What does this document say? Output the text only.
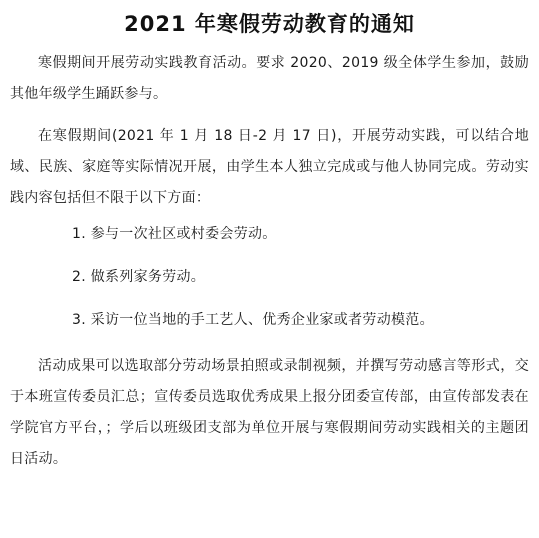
2021 年寒假劳动教育的通知

寒假期间开展劳动实践教育活动。要求 2020、2019 级全体学生参加，鼓励其他年级学生踊跃参与。

在寒假期间(2021 年 1 月 18 日-2 月 17 日)，开展劳动实践，可以结合地域、民族、家庭等实际情况开展，由学生本人独立完成或与他人协同完成。劳动实践内容包括但不限于以下方面：

1. 参与一次社区或村委会劳动。
2. 做系列家务劳动。
3. 采访一位当地的手工艺人、优秀企业家或者劳动模范。

活动成果可以选取部分劳动场景拍照或录制视频，并撰写劳动感言等形式，交于本班宣传委员汇总；宣传委员选取优秀成果上报分团委宣传部，由宣传部发表在学院官方平台，；学后以班级团支部为单位开展与寒假期间劳动实践相关的主题团日活动。
